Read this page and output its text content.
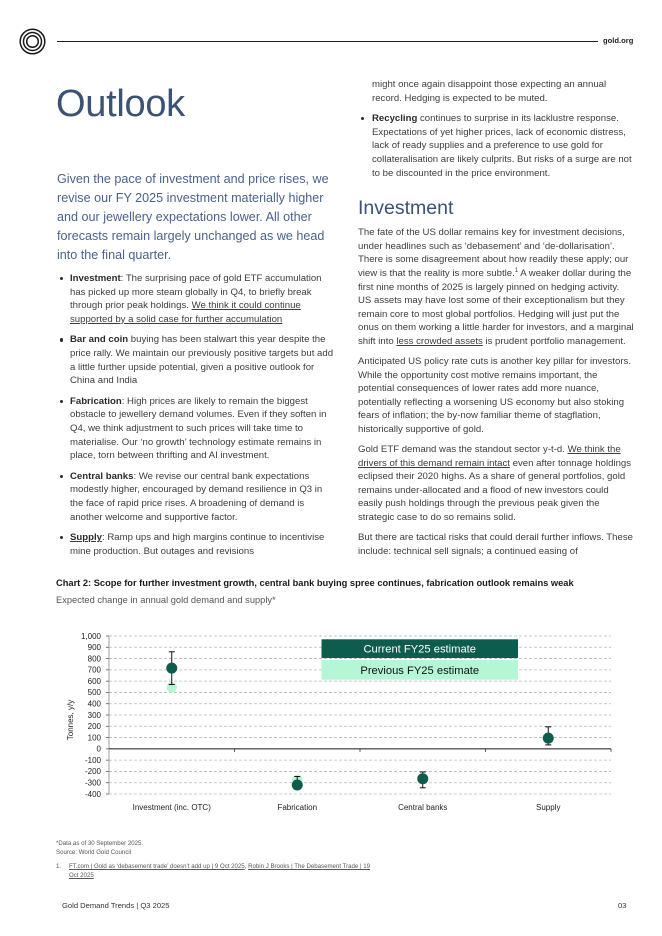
gold.org
Outlook

Given the pace of investment and price rises, we revise our FY 2025 investment materially higher and our jewellery expectations lower. All other forecasts remain largely unchanged as we head into the final quarter.

Investment: The surprising pace of gold ETF accumulation has picked up more steam globally in Q4, to briefly break through prior peak holdings. We think it could continue supported by a solid case for further accumulation
Bar and coin buying has been stalwart this year despite the price rally. We maintain our previously positive targets but add a little further upside potential, given a positive outlook for China and India
Fabrication: High prices are likely to remain the biggest obstacle to jewellery demand volumes. Even if they soften in Q4, we think adjustment to such prices will take time to materialise. Our ‘no growth’ technology estimate remains in place, torn between thrifting and AI investment.
Central banks: We revise our central bank expectations modestly higher, encouraged by demand resilience in Q3 in the face of rapid price rises. A broadening of demand is another welcome and supportive factor.
Supply: Ramp ups and high margins continue to incentivise mine production. But outages and revisions

might once again disappoint those expecting an annual record. Hedging is expected to be muted.

Recycling continues to surprise in its lacklustre response. Expectations of yet higher prices, lack of economic distress, lack of ready supplies and a preference to use gold for collateralisation are likely culprits. But risks of a surge are not to be discounted in the price environment.
Investment

The fate of the US dollar remains key for investment decisions, under headlines such as ‘debasement’ and ‘de-dollarisation’. There is some disagreement about how readily these apply; our view is that the reality is more subtle.$^1$ A weaker dollar during the first nine months of 2025 is largely pinned on hedging activity. US assets may have lost some of their exceptionalism but they remain core to most global portfolios. Hedging will just put the onus on them working a little harder for investors, and a marginal shift into less crowded assets is prudent portfolio management.

Anticipated US policy rate cuts is another key pillar for investors. While the opportunity cost motive remains important, the potential consequences of lower rates add more nuance, potentially reflecting a worsening US economy but also stoking fears of inflation; the by-now familiar theme of stagflation, historically supportive of gold.

Gold ETF demand was the standout sector y-t-d. We think the drivers of this demand remain intact even after tonnage holdings eclipsed their 2020 highs. As a share of general portfolios, gold remains under-allocated and a flood of new investors could easily push holdings through the previous peak given the strategic case to do so remains solid.

But there are tactical risks that could derail further inflows. These include: technical sell signals; a continued easing of

Chart 2: Scope for further investment growth, central bank buying spree continues, fabrication outlook remains weak
Expected change in annual gold demand and supply*
1,000
900
800
700
600
500
400
300
200
100
0
-100
-200
-300
-400
Investment (inc. OTC)	Fabrication	Central banks	Supply
Tonnes, y/y
Current FY25 estimate
Previous FY25 estimate

*Data as of 30 September 2025.

Source: World Gold Council

1.	FT.com | Gold as ‘debasement trade’ doesn’t add up | 9 Oct 2025, Robin J Brooks | The Debasement Trade | 19 Oct 2025
Gold Demand Trends | Q3 2025	03
